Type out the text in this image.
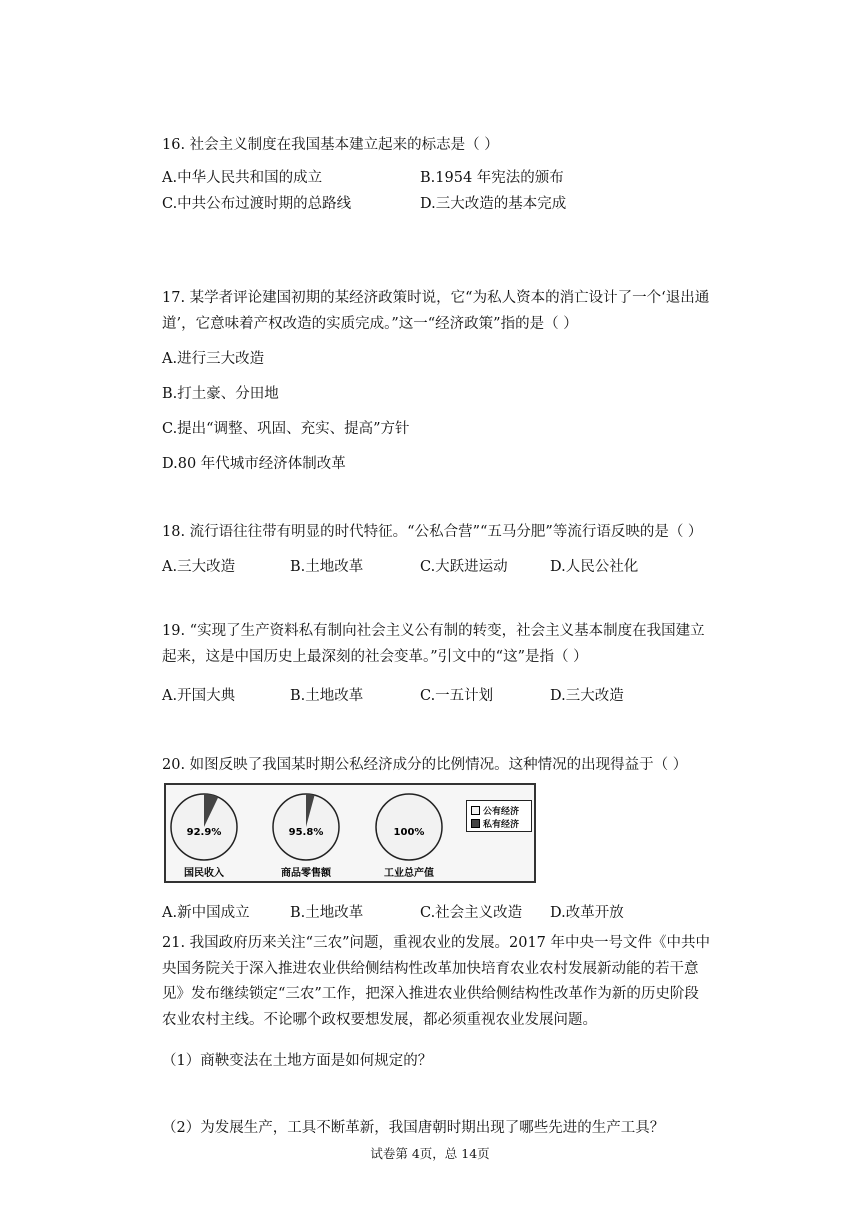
16. 社会主义制度在我国基本建立起来的标志是（ ）
A.中华人民共和国的成立	B.1954 年宪法的颁布
C.中共公布过渡时期的总路线	D.三大改造的基本完成
17. 某学者评论建国初期的某经济政策时说，它“为私人资本的消亡设计了一个‘退出通
道’，它意味着产权改造的实质完成。”这一“经济政策”指的是（ ）
A.进行三大改造
B.打土豪、分田地
C.提出“调整、巩固、充实、提高”方针
D.80 年代城市经济体制改革
18. 流行语往往带有明显的时代特征。“公私合营”“五马分肥”等流行语反映的是（ ）
A.三大改造	B.土地改革	C.大跃进运动	D.人民公社化
19. “实现了生产资料私有制向社会主义公有制的转变，社会主义基本制度在我国建立
起来，这是中国历史上最深刻的社会变革。”引文中的“这”是指（ ）
A.开国大典	B.土地改革	C.一五计划	D.三大改造
20. 如图反映了我国某时期公私经济成分的比例情况。这种情况的出现得益于（ ）
92.9%
国民收入
95.8%
商品零售额
100%
工业总产值
公有经济
私有经济
A.新中国成立	B.土地改革	C.社会主义改造 D.改革开放
21. 我国政府历来关注“三农”问题，重视农业的发展。2017 年中央一号文件《中共中
央国务院关于深入推进农业供给侧结构性改革加快培育农业农村发展新动能的若干意
见》发布继续锁定“三农”工作，把深入推进农业供给侧结构性改革作为新的历史阶段
农业农村主线。不论哪个政权要想发展，都必须重视农业发展问题。
（1）商鞅变法在土地方面是如何规定的？
（2）为发展生产，工具不断革新，我国唐朝时期出现了哪些先进的生产工具？
试卷第 4页，总 14页
